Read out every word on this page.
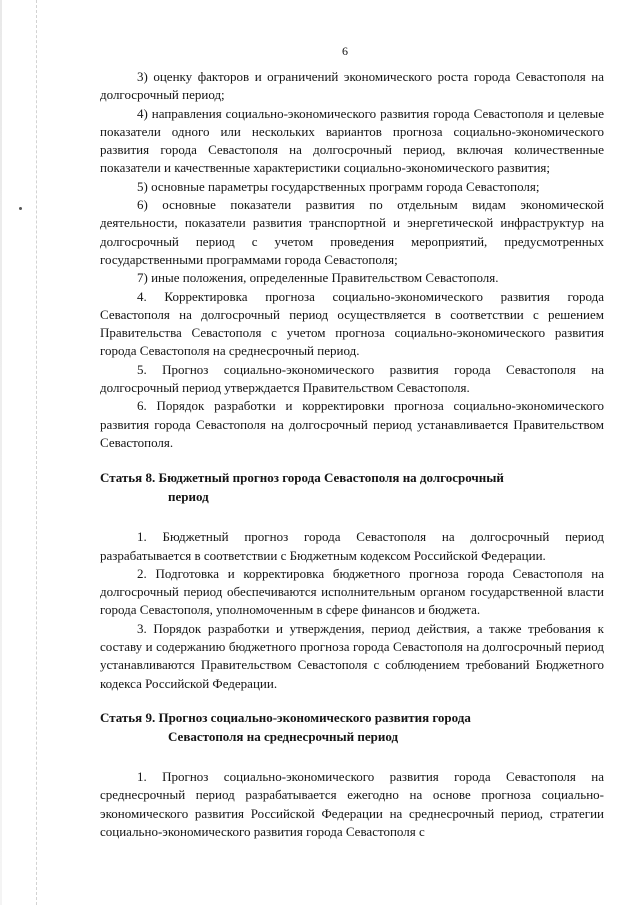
6

3) оценку факторов и ограничений экономического роста города Севастополя на долгосрочный период;

4) направления социально-экономического развития города Севастополя и целевые показатели одного или нескольких вариантов прогноза социально-экономического развития города Севастополя на долгосрочный период, включая количественные показатели и качественные характеристики социально-экономического развития;

5) основные параметры государственных программ города Севастополя;

6) основные показатели развития по отдельным видам экономической деятельности, показатели развития транспортной и энергетической инфраструктур на долгосрочный период с учетом проведения мероприятий, предусмотренных государственными программами города Севастополя;

7) иные положения, определенные Правительством Севастополя.

4. Корректировка прогноза социально-экономического развития города Севастополя на долгосрочный период осуществляется в соответствии с решением Правительства Севастополя с учетом прогноза социально-экономического развития города Севастополя на среднесрочный период.

5. Прогноз социально-экономического развития города Севастополя на долгосрочный период утверждается Правительством Севастополя.

6. Порядок разработки и корректировки прогноза социально-экономического развития города Севастополя на долгосрочный период устанавливается Правительством Севастополя.

Статья 8. Бюджетный прогноз города Севастополя на долгосрочный
период

1. Бюджетный прогноз города Севастополя на долгосрочный период разрабатывается в соответствии с Бюджетным кодексом Российской Федерации.

2. Подготовка и корректировка бюджетного прогноза города Севастополя на долгосрочный период обеспечиваются исполнительным органом государственной власти города Севастополя, уполномоченным в сфере финансов и бюджета.

3. Порядок разработки и утверждения, период действия, а также требования к составу и содержанию бюджетного прогноза города Севастополя на долгосрочный период устанавливаются Правительством Севастополя с соблюдением требований Бюджетного кодекса Российской Федерации.

Статья 9. Прогноз социально-экономического развития города
Севастополя на среднесрочный период

1. Прогноз социально-экономического развития города Севастополя на среднесрочный период разрабатывается ежегодно на основе прогноза социально-экономического развития Российской Федерации на среднесрочный период, стратегии социально-экономического развития города Севастополя с
